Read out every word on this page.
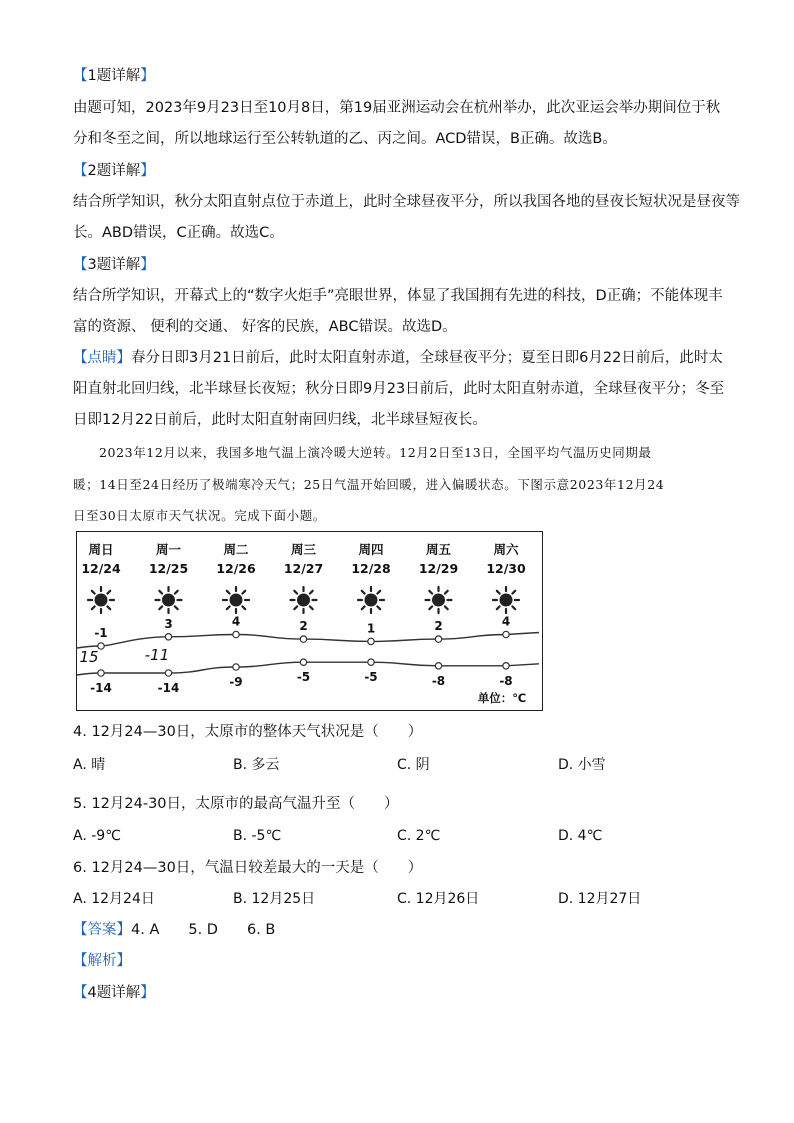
【1题详解】
由题可知，2023年9月23日至10月8日，第19届亚洲运动会在杭州举办，此次亚运会举办期间位于秋
分和冬至之间，所以地球运行至公转轨道的乙、丙之间。ACD错误，B正确。故选B。
【2题详解】
结合所学知识，秋分太阳直射点位于赤道上，此时全球昼夜平分，所以我国各地的昼夜长短状况是昼夜等
长。ABD错误，C正确。故选C。
【3题详解】
结合所学知识，开幕式上的“数字火炬手”亮眼世界，体显了我国拥有先进的科技，D正确；不能体现丰
富的资源、 便利的交通、 好客的民族，ABC错误。故选D。
【点睛】春分日即3月21日前后，此时太阳直射赤道，全球昼夜平分；夏至日即6月22日前后，此时太
阳直射北回归线，北半球昼长夜短；秋分日即9月23日前后，此时太阳直射赤道，全球昼夜平分；冬至
日即12月22日前后，此时太阳直射南回归线，北半球昼短夜长。
2023年12月以来，我国多地气温上演冷暖大逆转。12月2日至13日，全国平均气温历史同期最
暖；14日至24日经历了极端寒冷天气；25日气温开始回暖，进入偏暖状态。下图示意2023年12月24
日至30日太原市天气状况。完成下面小题。
周日	周一	周二	周三	周四	周五	周六
12/24 12/25 12/26 12/27 12/28 12/29 12/30
-1
3	4	2	1	2	4
-14	-14	-9	-5	-5	-8	-8
15	-11
单位：℃
4. 12月24—30日，太原市的整体天气状况是（　　）
A. 晴	B. 多云	C. 阴	D. 小雪
5. 12月24-30日，太原市的最高气温升至（　　）
A. -9℃	B. -5℃	C. 2℃	D. 4℃
6. 12月24—30日，气温日较差最大的一天是（　　）
A. 12月24日	B. 12月25日	C. 12月26日	D. 12月27日
【答案】4. A　　5. D　　6. B
【解析】
【4题详解】
